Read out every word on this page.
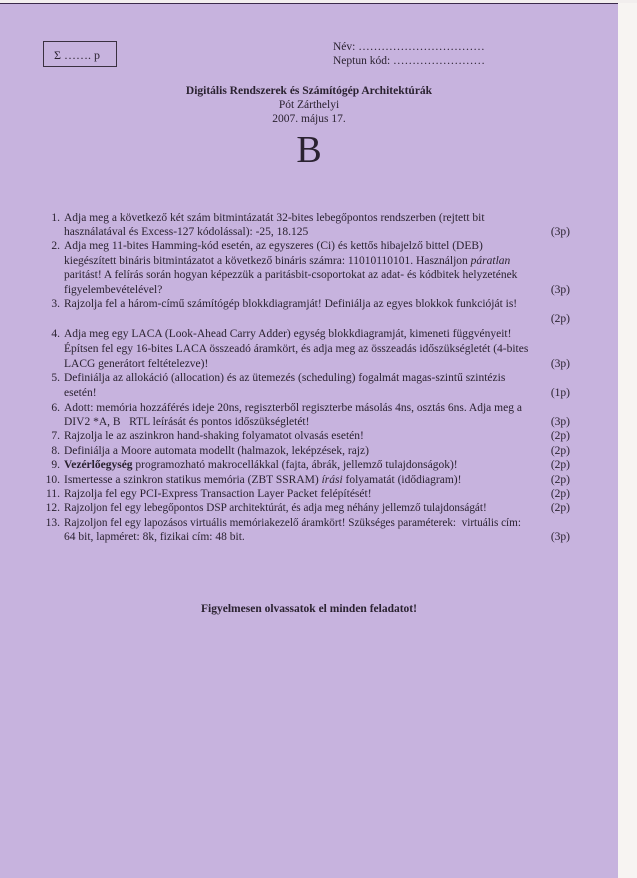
Σ ……. p
Név: ……………………………
Neptun kód: ……………………
Digitális Rendszerek és Számítógép Architektúrák
Pót Zárthelyi
2007. május 17.
B
1. Adja meg a következő két szám bitmintázatát 32-bites lebegőpontos rendszerben (rejtett bit
használatával és Excess-127 kódolással): -25, 18.125	(3p)
2. Adja meg 11-bites Hamming-kód esetén, az egyszeres (Ci) és kettős hibajelző bittel (DEB)
kiegészített bináris bitmintázatot a következő bináris számra: 11010110101. Használjon páratlan
paritást! A felírás során hogyan képezzük a paritásbit-csoportokat az adat- és kódbitek helyzetének
figyelembevételével?	(3p)
3. Rajzolja fel a három-című számítógép blokkdiagramját! Definiálja az egyes blokkok funkcióját is!
(2p)
4. Adja meg egy LACA (Look-Ahead Carry Adder) egység blokkdiagramját, kimeneti függvényeit!
Építsen fel egy 16-bites LACA összeadó áramkört, és adja meg az összeadás időszükségletét (4-bites
LACG generátort feltételezve)!	(3p)
5. Definiálja az allokáció (allocation) és az ütemezés (scheduling) fogalmát magas-szintű szintézis
esetén!	(1p)
6. Adott: memória hozzáférés ideje 20ns, regiszterből regiszterbe másolás 4ns, osztás 6ns. Adja meg a
DIV2 *A, B   RTL leírását és pontos időszükségletét!	(3p)
7. Rajzolja le az aszinkron hand-shaking folyamatot olvasás esetén!	(2p)
8. Definiálja a Moore automata modellt (halmazok, leképzések, rajz)	(2p)
9. Vezérlőegység programozható makrocellákkal (fajta, ábrák, jellemző tulajdonságok)!	(2p)
10. Ismertesse a szinkron statikus memória (ZBT SSRAM) írási folyamatát (idődiagram)!	(2p)
11. Rajzolja fel egy PCI-Express Transaction Layer Packet felépítését!	(2p)
12. Rajzoljon fel egy lebegőpontos DSP architektúrát, és adja meg néhány jellemző tulajdonságát!	(2p)
13. Rajzoljon fel egy lapozásos virtuális memóriakezelő áramkört! Szükséges paraméterek:  virtuális cím:
64 bit, lapméret: 8k, fizikai cím: 48 bit.	(3p)
Figyelmesen olvassatok el minden feladatot!
